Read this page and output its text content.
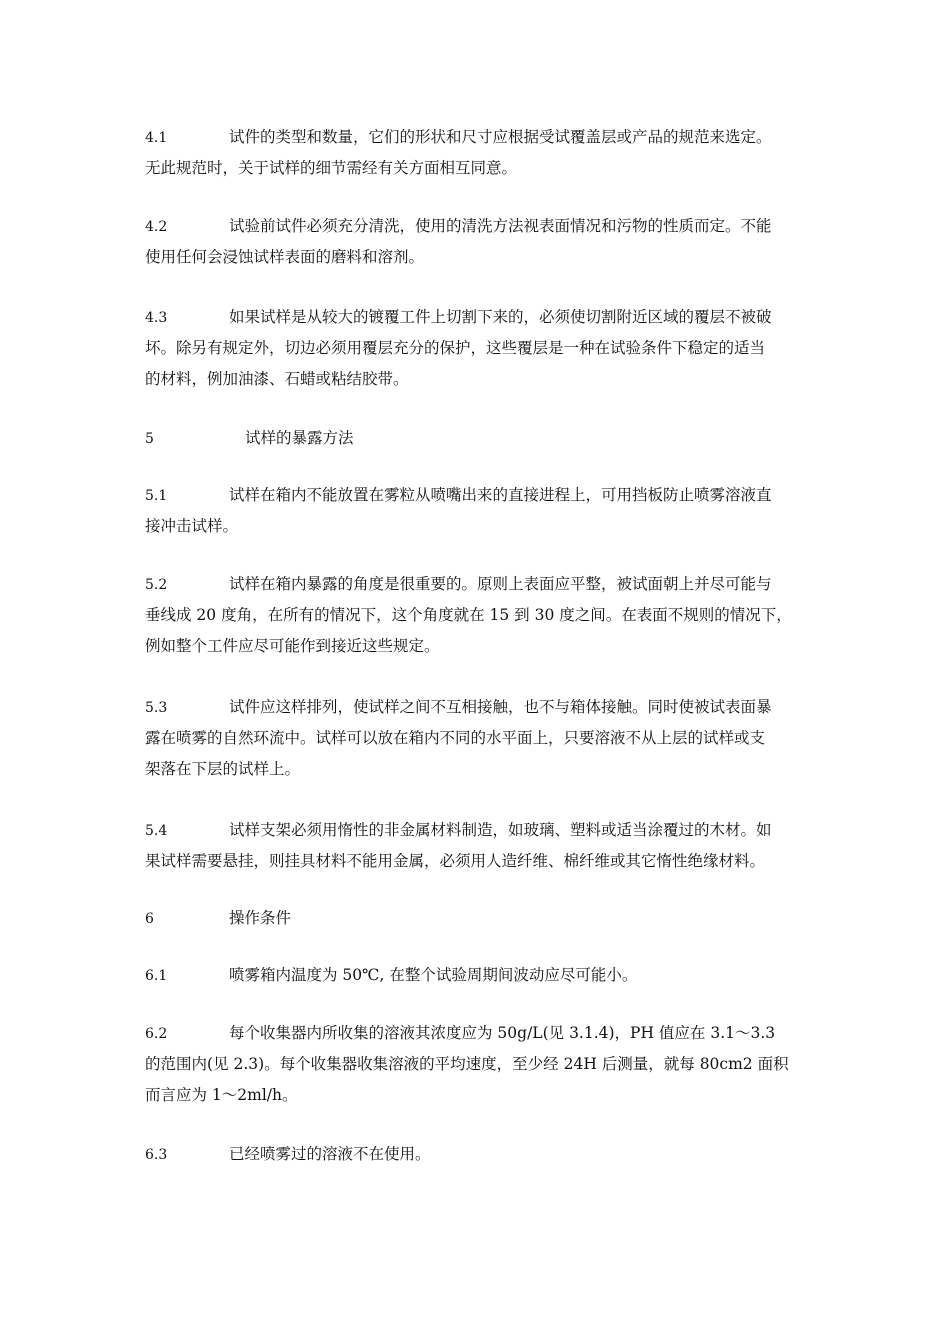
4.1	试件的类型和数量，它们的形状和尺寸应根据受试覆盖层或产品的规范来选定。
无此规范时，关于试样的细节需经有关方面相互同意。
4.2	试验前试件必须充分清洗，使用的清洗方法视表面情况和污物的性质而定。不能
使用任何会浸蚀试样表面的磨料和溶剂。
4.3	如果试样是从较大的镀覆工件上切割下来的，必须使切割附近区域的覆层不被破
坏。除另有规定外，切边必须用覆层充分的保护，这些覆层是一种在试验条件下稳定的适当
的材料，例加油漆、石蜡或粘结胶带。
5	试样的暴露方法
5.1	试样在箱内不能放置在雾粒从喷嘴出来的直接进程上，可用挡板防止喷雾溶液直
接冲击试样。
5.2	试样在箱内暴露的角度是很重要的。原则上表面应平整，被试面朝上并尽可能与
垂线成 20 度角，在所有的情况下，这个角度就在 15 到 30 度之间。在表面不规则的情况下，
例如整个工件应尽可能作到接近这些规定。
5.3	试件应这样排列，使试样之间不互相接触，也不与箱体接触。同时使被试表面暴
露在喷雾的自然环流中。试样可以放在箱内不同的水平面上，只要溶液不从上层的试样或支
架落在下层的试样上。
5.4	试样支架必须用惰性的非金属材料制造，如玻璃、塑料或适当涂覆过的木材。如
果试样需要悬挂，则挂具材料不能用金属，必须用人造纤维、棉纤维或其它惰性绝缘材料。
6	操作条件
6.1	喷雾箱内温度为 50℃, 在整个试验周期间波动应尽可能小。
6.2	每个收集器内所收集的溶液其浓度应为 50g/L(见 3.1.4)，PH 值应在 3.1～3.3
的范围内(见 2.3)。每个收集器收集溶液的平均速度，至少经 24H 后测量，就每 80cm2 面积
而言应为 1～2ml/h。
6.3	已经喷雾过的溶液不在使用。
